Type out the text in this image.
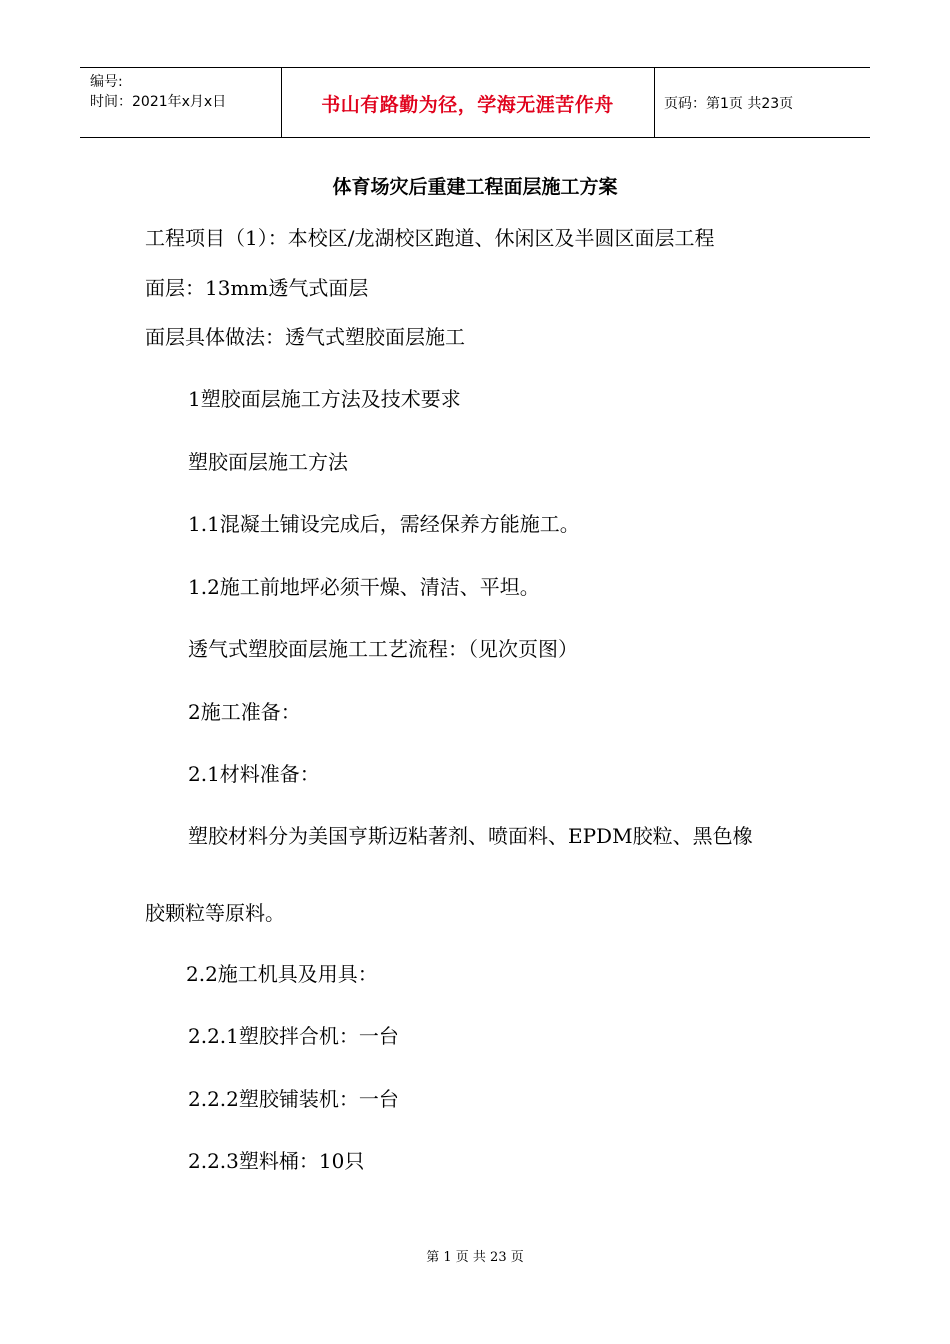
编号:
时间：2021年x月x日	书山有路勤为径，学海无涯苦作舟	页码：第1页 共23页
体育场灾后重建工程面层施工方案
工程项目（1）：本校区/龙湖校区跑道、休闲区及半圆区面层工程
面层：13mm透气式面层
面层具体做法：透气式塑胶面层施工
1塑胶面层施工方法及技术要求
塑胶面层施工方法
1.1混凝土铺设完成后，需经保养方能施工。
1.2施工前地坪必须干燥、清洁、平坦。
透气式塑胶面层施工工艺流程：（见次页图）
2施工准备：
2.1材料准备：
塑胶材料分为美国亨斯迈粘著剂、喷面料、EPDM胶粒、黑色橡
胶颗粒等原料。
2.2施工机具及用具：
2.2.1塑胶拌合机：一台
2.2.2塑胶铺装机：一台
2.2.3塑料桶：10只
第 1 页 共 23 页
